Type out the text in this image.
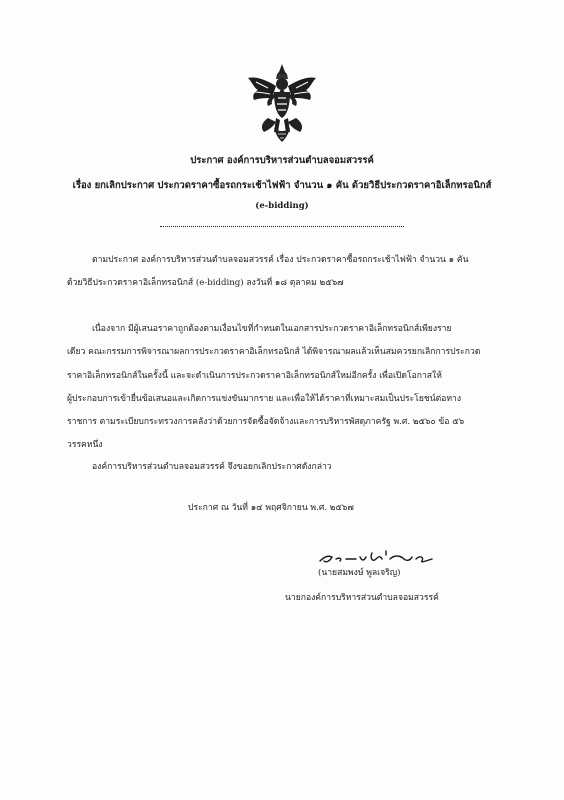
ประกาศ องค์การบริหารส่วนตำบลจอมสวรรค์
เรื่อง ยกเลิกประกาศ ประกวดราคาซื้อรถกระเช้าไฟฟ้า จำนวน ๑ คัน ด้วยวิธีประกวดราคาอิเล็กทรอนิกส์
(e-bidding)
ตามประกาศ องค์การบริหารส่วนตำบลจอมสวรรค์ เรื่อง ประกวดราคาซื้อรถกระเช้าไฟฟ้า จำนวน ๑ คัน
ด้วยวิธีประกวดราคาอิเล็กทรอนิกส์ (e-bidding) ลงวันที่ ๑๘ ตุลาคม ๒๕๖๗
เนื่องจาก มีผู้เสนอราคาถูกต้องตามเงื่อนไขที่กำหนดในเอกสารประกวดราคาอิเล็กทรอนิกส์เพียงราย
เดียว คณะกรรมการพิจารณาผลการประกวดราคาอิเล็กทรอนิกส์ ได้พิจารณาผลแล้วเห็นสมควรยกเลิกการประกวด
ราคาอิเล็กทรอนิกส์ในครั้งนี้ และจะดำเนินการประกวดราคาอิเล็กทรอนิกส์ใหม่อีกครั้ง เพื่อเปิดโอกาสให้
ผู้ประกอบการเข้ายื่นข้อเสนอและเกิดการแข่งขันมากราย และเพื่อให้ได้ราคาที่เหมาะสมเป็นประโยชน์ต่อทาง
ราชการ ตามระเบียบกระทรวงการคลังว่าด้วยการจัดซื้อจัดจ้างและการบริหารพัสดุภาครัฐ พ.ศ. ๒๕๖๐ ข้อ ๕๖
วรรคหนึ่ง
องค์การบริหารส่วนตำบลจอมสวรรค์ จึงขอยกเลิกประกาศดังกล่าว
ประกาศ ณ วันที่ ๑๔ พฤศจิกายน พ.ศ. ๒๕๖๗
(นายสมพงษ์ พูลเจริญ)
นายกองค์การบริหารส่วนตำบลจอมสวรรค์
